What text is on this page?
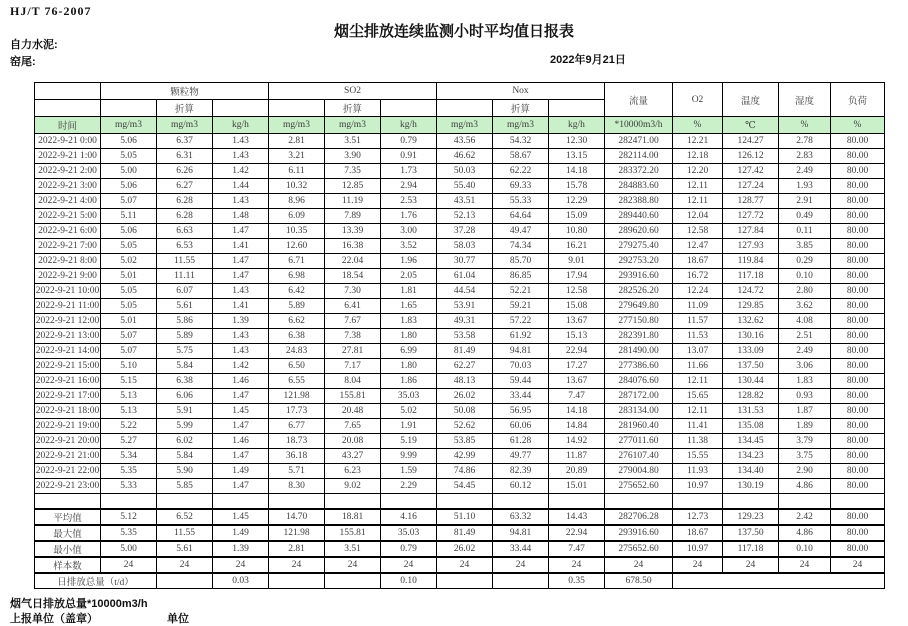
HJ/T 76-2007
烟尘排放连续监测小时平均值日报表
自力水泥:
窑尾:	2022年9月21日
	颗粒物			SO2			Nox			流量	O2	温度	湿度	负荷
		折算			折算			折算						
时间	mg/m3	mg/m3	kg/h	mg/m3	mg/m3	kg/h	mg/m3	mg/m3	kg/h	*10000m3/h	%	℃	%	%
2022-9-21 0:00	5.06	6.37	1.43	2.81	3.51	0.79	43.56	54.32	12.30	282471.00	12.21	124.27	2.78	80.00
2022-9-21 1:00	5.05	6.31	1.43	3.21	3.90	0.91	46.62	58.67	13.15	282114.00	12.18	126.12	2.83	80.00
2022-9-21 2:00	5.00	6.26	1.42	6.11	7.35	1.73	50.03	62.22	14.18	283372.20	12.20	127.42	2.49	80.00
2022-9-21 3:00	5.06	6.27	1.44	10.32	12.85	2.94	55.40	69.33	15.78	284883.60	12.11	127.24	1.93	80.00
2022-9-21 4:00	5.07	6.28	1.43	8.96	11.19	2.53	43.51	55.33	12.29	282388.80	12.11	128.77	2.91	80.00
2022-9-21 5:00	5.11	6.28	1.48	6.09	7.89	1.76	52.13	64.64	15.09	289440.60	12.04	127.72	0.49	80.00
2022-9-21 6:00	5.06	6.63	1.47	10.35	13.39	3.00	37.28	49.47	10.80	289620.60	12.58	127.84	0.11	80.00
2022-9-21 7:00	5.05	6.53	1.41	12.60	16.38	3.52	58.03	74.34	16.21	279275.40	12.47	127.93	3.85	80.00
2022-9-21 8:00	5.02	11.55	1.47	6.71	22.04	1.96	30.77	85.70	9.01	292753.20	18.67	119.84	0.29	80.00
2022-9-21 9:00	5.01	11.11	1.47	6.98	18.54	2.05	61.04	86.85	17.94	293916.60	16.72	117.18	0.10	80.00
2022-9-21 10:00	5.05	6.07	1.43	6.42	7.30	1.81	44.54	52.21	12.58	282526.20	12.24	124.72	2.80	80.00
2022-9-21 11:00	5.05	5.61	1.41	5.89	6.41	1.65	53.91	59.21	15.08	279649.80	11.09	129.85	3.62	80.00
2022-9-21 12:00	5.01	5.86	1.39	6.62	7.67	1.83	49.31	57.22	13.67	277150.80	11.57	132.62	4.08	80.00
2022-9-21 13:00	5.07	5.89	1.43	6.38	7.38	1.80	53.58	61.92	15.13	282391.80	11.53	130.16	2.51	80.00
2022-9-21 14:00	5.07	5.75	1.43	24.83	27.81	6.99	81.49	94.81	22.94	281490.00	13.07	133.09	2.49	80.00
2022-9-21 15:00	5.10	5.84	1.42	6.50	7.17	1.80	62.27	70.03	17.27	277386.60	11.66	137.50	3.06	80.00
2022-9-21 16:00	5.15	6.38	1.46	6.55	8.04	1.86	48.13	59.44	13.67	284076.60	12.11	130.44	1.83	80.00
2022-9-21 17:00	5.13	6.06	1.47	121.98	155.81	35.03	26.02	33.44	7.47	287172.00	15.65	128.82	0.93	80.00
2022-9-21 18:00	5.13	5.91	1.45	17.73	20.48	5.02	50.08	56.95	14.18	283134.00	12.11	131.53	1.87	80.00
2022-9-21 19:00	5.22	5.99	1.47	6.77	7.65	1.91	52.62	60.06	14.84	281960.40	11.41	135.08	1.89	80.00
2022-9-21 20:00	5.27	6.02	1.46	18.73	20.08	5.19	53.85	61.28	14.92	277011.60	11.38	134.45	3.79	80.00
2022-9-21 21:00	5.34	5.84	1.47	36.18	43.27	9.99	42.99	49.77	11.87	276107.40	15.55	134.23	3.75	80.00
2022-9-21 22:00	5.35	5.90	1.49	5.71	6.23	1.59	74.86	82.39	20.89	279004.80	11.93	134.40	2.90	80.00
2022-9-21 23:00	5.33	5.85	1.47	8.30	9.02	2.29	54.45	60.12	15.01	275652.60	10.97	130.19	4.86	80.00

平均值	5.12	6.52	1.45	14.70	18.81	4.16	51.10	63.32	14.43	282706.28	12.73	129.23	2.42	80.00
最大值	5.35	11.55	1.49	121.98	155.81	35.03	81.49	94.81	22.94	293916.60	18.67	137.50	4.86	80.00
最小值	5.00	5.61	1.39	2.81	3.51	0.79	26.02	33.44	7.47	275652.60	10.97	117.18	0.10	80.00
样本数	24	24	24	24	24	24	24	24	24	24	24	24	24	24
日排放总量（t/d）			0.03			0.10			0.35	678.50				
烟气日排放总量*10000m3/h
上报单位（盖章）	单位
